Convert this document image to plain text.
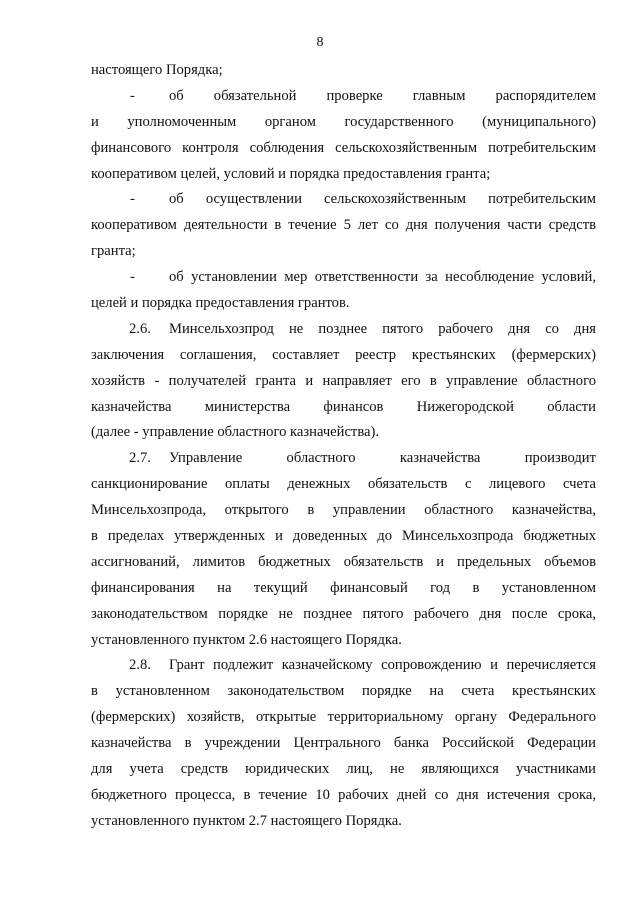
8
настоящего Порядка;
-	об обязательной проверке главным распорядителем
и уполномоченным органом государственного (муниципального)
финансового контроля соблюдения сельскохозяйственным потребительским
кооперативом целей, условий и порядка предоставления гранта;
-	об осуществлении сельскохозяйственным потребительским
кооперативом деятельности в течение 5 лет со дня получения части средств
гранта;
-	об установлении мер ответственности за несоблюдение условий,
целей и порядка предоставления грантов.
2.6.	Минсельхозпрод не позднее пятого рабочего дня со дня
заключения соглашения, составляет реестр крестьянских (фермерских)
хозяйств - получателей гранта и направляет его в управление областного
казначейства министерства финансов Нижегородской области
(далее - управление областного казначейства).
2.7.	Управление областного казначейства производит
санкционирование оплаты денежных обязательств с лицевого счета
Минсельхозпрода, открытого в управлении областного казначейства,
в пределах утвержденных и доведенных до Минсельхозпрода бюджетных
ассигнований, лимитов бюджетных обязательств и предельных объемов
финансирования на текущий финансовый год в установленном
законодательством порядке не позднее пятого рабочего дня после срока,
установленного пунктом 2.6 настоящего Порядка.
2.8.	Грант подлежит казначейскому сопровождению и перечисляется
в установленном законодательством порядке на счета крестьянских
(фермерских) хозяйств, открытые территориальному органу Федерального
казначейства в учреждении Центрального банка Российской Федерации
для учета средств юридических лиц, не являющихся участниками
бюджетного процесса, в течение 10 рабочих дней со дня истечения срока,
установленного пунктом 2.7 настоящего Порядка.
